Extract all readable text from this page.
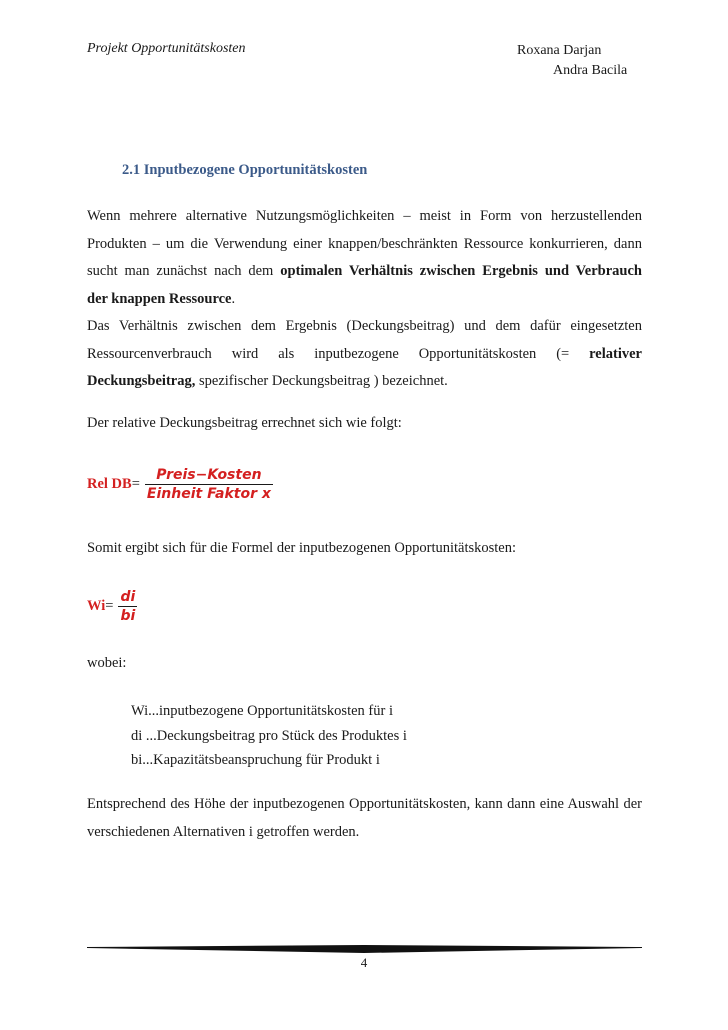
Projekt Opportunitätskosten	Roxana Darjan
Andra Bacila
2.1 Inputbezogene Opportunitätskosten
Wenn mehrere alternative Nutzungsmöglichkeiten – meist in Form von herzustellenden
Produkten – um die Verwendung einer knappen/beschränkten Ressource konkurrieren, dann
sucht man zunächst nach dem optimalen Verhältnis zwischen Ergebnis und Verbrauch
der knappen Ressource.
Das Verhältnis zwischen dem Ergebnis (Deckungsbeitrag) und dem dafür eingesetzten
Ressourcenverbrauch wird als inputbezogene Opportunitätskosten (= relativer
Deckungsbeitrag, spezifischer Deckungsbeitrag ) bezeichnet.
Der relative Deckungsbeitrag errechnet sich wie folgt:
Rel DB = $\frac{\text{Preis−Kosten}}{\text{Einheit Faktor x}}$
Somit ergibt sich für die Formel der inputbezogenen Opportunitätskosten:
$Wi = \frac{di}{bi}$
wobei:
Wi...inputbezogene Opportunitätskosten für i
di ...Deckungsbeitrag pro Stück des Produktes i
bi...Kapazitätsbeanspruchung für Produkt i
Entsprechend des Höhe der inputbezogenen Opportunitätskosten, kann dann eine Auswahl der
verschiedenen Alternativen i getroffen werden.
4
